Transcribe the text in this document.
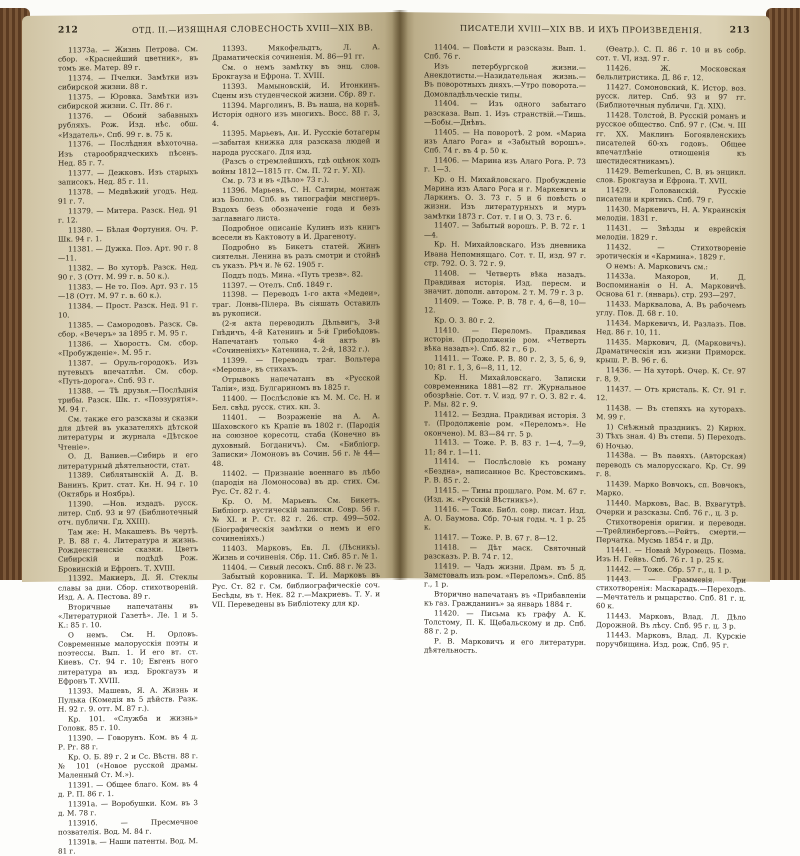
212	ОТД. II.—ИЗЯЩНАЯ СЛОВЕСНОСТЬ XVIII—XIX ВВ.

11373a. — Жизнь Петрова. См. сбор. «Краснейший цветник», въ томъ же. Матер. 89 г.

11374. — Пчелки. Замѣтки изъ сибирской жизни. 88 г.

11375. — Юровка. Замѣтки изъ сибирской жизни. С. Пт. 86 г.

11376. — Обоий забавныхъ рубляхъ. Рож. Изд. нѣс. обш. «Издатель». Спб. 99 г. в. 75 к.

11376. — Послѣдняя вѣхоточна. Изъ старообрядческихъ пѣсенъ. Нед. 85 г. 7.

11377. — Дежковъ. Изъ старыхъ записокъ. Нед. 85 г. 11.

11378. — Медвѣжий угодъ. Нед. 91 г. 7.

11379. — Митера. Разск. Нед. 91 г. 12.

11380. — Бѣлая Фортуния. Оч. Р. Шк. 94 г. 1.

11381. — Дужка. Поэ. Арт. 90 г. 8—11.

11382. — Во хуторѣ. Разск. Нед. 90 г. 3 (Отт. М. 99 г. в. 50 к.).

11383. — Не то. Поэ. Арт. 93 г. 15—18 (Отт. М. 97 г. в. 60 к.).

11384. — Прост. Разск. Нед. 91 г. 10.

11385. — Самородовъ. Разск. Св. сбор. «Вечеръ» за 1895 г. М. 95 г.

11386. — Хворостъ. См. сбор. «Пробужденіе». М. 95 г.

11387. — Оруль-городокъ. Изъ путевыхъ впечатлѣн. См. сбор. «Путь-дорога». Спб. 93 г.

11388. — Тѣ друзья.—Послѣднія трибы. Разск. Шк. г. «Поэзурятія». М. 94 г.

См. также его разсказы и сказки для дѣтей въ указателяхъ дѣтской литературы и журнала «Дѣтское Чтеніе».

О. Д. Ваниев.—Сибирь и его литературный дѣятельности, стат.

11389. Сиблятынскій А. Д. В. Ванинъ. Крит. стат. Кн. Н. 94 г. 10 (Октябрь и Ноябрь).

11390. —Нов. издадъ. русск. литер. Спб. 93 и 97 (Библиотечный отч. публичн. Гд. XXIII).

Там же: Н. Макашевъ. Въ чертѣ. Р. В. 88 г. 4. Литература и жизнь. Рожденственскіе сказки. Цветъ Сибирскій и подѣдѣ Рож. Бровинскій и Ефронъ. Т. XVIII.

11392. Макиеръ, Д. Я. Стеклы славы за дни. Сбор. стихотвореній. Изд. А. А. Пестова. 89 г.

Вторичные напечатаны въ «Литературной Газетѣ». Ле. 1 и 5. К.: 85 г. 10.

О немъ. См. Н. Орловъ. Современные малорусскія поэты и поэтессы. Вып. 1. И его вт. ст. Киевъ. Ст. 94 г. 10; Евгенъ ного литература въ изд. Брокгаузъ и Ефронъ Т. XVIII.

11393. Машевъ, Я. А. Жизнь и Пулька (Комедія въ 5 дѣйств. Разк. Н. 92 г. 9. отт. М. 87 г.).

Кр. 101. «Служба и жизнь» Головк. 85 г. 10.

11390. — Говорунъ. Ком. въ 4 д. Р. Рг. 88 г.

Кр. О. Б. 89 г. 2 и Сс. Вѣстн. 88 г. № 101 («Новое русской драмы. Маленный Ст. М.»).

11391. — Общее благо. Ком. въ 4 д. Р. П. 86 г. 1.

11391a. — Воробушки. Ком. въ 3 д. М. 78 г.

11391б. — Пресмечное позвателія. Вод. М. 84 г.

11391в. — Наши патенты. Вод. М. 81 г.

11393. Мякофельдтъ, Л. А. Драматическія сочиненія. М. 86—91 гг.

См. о немъ замѣтку въ энц. слов. Брокгауза и Ефрона. Т. XVIII.

11393. Мамыновскій, И. Итонкинъ. Сцены изъ студенческой жизни. Сбр. 89 г.

11394. Марголинъ, В. Въ наша, на корнѣ. Исторія одного изъ многихъ. Восс. 88 г. 3, 4.

11395. Марьевъ, Ан. И. Русскіе ботагеры—забытая книжка для разсказа людей и народа русскаго. Для изд.

(Разсъ о стремлейшихъ, гдѣ оцѣнок ходъ войны 1812—1815 гг. См. П. 72 г. У. XI).

См. р. 73 и въ «Дѣло» 73 г.).

11396. Марьевъ, С. Н. Сатиры, монтаж изъ Болло. Спб. въ типографіи мнсгиеръ. Вздохъ безъ обозначеніе года и безъ заглавнаго листа.

Подробное описаніе Кулинъ изъ книгъ всесели въ Кактовоту в И. Драгеноту.

Подробно въ Бикетъ статей. Жинъ сиятельн. Ленина въ разъ смотри и стойнѣ съ указъ. Рѣч и. № 62. 1905 г.

Поддъ подъ. Мина. «Путь трезв». 82.

11397. — Отелъ. Спб. 1849 г.

11398. — Переводъ 1-го акта «Медеи», траг. Лонвь-Пілера. Въ сіяшать Оставилъ въ рукописи.

(2-я акта переводилъ Дѣльвигъ, 3-й Гнѣдичъ, 4-й Катенинъ и 5-й Грибоѣдовъ. Напечатанъ только 4-й актъ въ «Сочиненіяхъ» Катенина, т. 2-й, 1832 г.).

11399. — Переводъ траг. Вольтера «Меропа», въ стихахъ.

Отрывокъ напечатанъ въ «Русской Таліи», изд. Булгариномъ въ 1825 г.

11400. — Послѣсловіе къ М. М. Сс. Н. и Бел. свѣд. русск. стих. кн. 3.

11401. — Возраженіе на А. А. Шаховского къ Крапіе въ 1802 г. (Пародія на союзное коресотц. стаба (Конечно въ духовный. Богданичъ). См. «Библіогр. Записки» Ломоновъ въ Сочин. 56 г. № 44—48.

11402. — Признаніе военнаго въ лѣбо (пародія на Ломоносова) въ др. стих. См. Рус. Ст. 82 г. 4.

Кр. О. М. Марьевъ. См. Бикетъ. Библіогр. аустическій записки. Совр. 56 г. № XI. и Р. Ст. 82 г. 26. стр. 499—502. (Біографическія замѣтки о немъ и его сочиненіяхъ.)

11403. Марковъ, Ев. Л. (Лѣсникъ). Жизнь и сочиненія. Сбр. 11. Сиб. 85 г. № 1.

11404. — Сивый лесокъ. Спб. 88 г. № 23.

Забытый коровника. Т. И. Марковъ въ Рус. Ст. 82 г. См. библиографическіе соч. Бесѣды, въ т. Нек. 82 г.—Макриевъ. Т. У. и VII. Переведены въ Библіотеку для кр.

ПИСАТЕЛИ XVIII—XIX ВВ. И ИХЪ ПРОИЗВЕДЕНІЯ.	213

11404. — Повѣсти и разсказы. Вып. 1. Спб. 76 г.

Изъ петербургской жизни.—Анекдотисты.—Назидательная жизнь.—Въ поворотныхъ дняхъ.—Утро поворота.—Домовладѣльческіе типы.

11404. — Изъ одного забытаго разсказа. Вып. 1. Изъ странствій.—Тишь.—Бобы.—Днѣвъ.

11405. — На поворотѣ. 2 ром. «Мариа изъ Алаго Рога» и «Забытый ворошъ». Спб. 74 г. въ 4 р. 50 к.

11406. — Марина изъ Алаго Рога. Р. 73 г. 1—3.

Кр. о Н. Михайловскаго. Пробужденіе Марина изъ Алаго Рога и г. Маркевичъ и Ларкинъ. О. 3. 73 г. 5 и 6 повѣсть о жизни. Изъ литературныхъ и муръ замѣтки 1873 г. Сот. т. I и О. З. 73 г. 6.

11407. — Забытый ворошъ. Р. В. 72 г. 1—4.

Кр. Н. Михайловскаго. Изъ дневника Ивана Непомнящаго. Сот. т. II, изд. 97 г. стр. 792. О. З. 72 г. 9.

11408. — Четверть вѣка назадъ. Правдивая исторія. Изд. пересм. и значит. дополн. автором. 2 т. М. 79 г. 3 р.

11409. — Тоже. Р. В. 78 г. 4, 6—8, 10—12.

Кр. О. 3. 80 г. 2.

11410. — Переломъ. Правдивая исторія. (Продолженіе ром. «Четверть вѣка назадъ»). Спб. 82 г., 6 р.

11411. — Тоже. Р. В. 80 г. 2, 3, 5, 6, 9, 10; 81 г. 1, 3, 6—8, 11, 12.

Кр. Н. Михайловскаго. Записки современника 1881—82 гг. Журнальное обозрѣніе. Сот. т. V. изд. 97 г. О. З. 82 г. 4. Р. Мы. 82 г. 9.

11412. — Бездна. Правдивая исторія. 3 т. (Продолженіе ром. «Переломъ». Не окончено). М. 83—84 гг. 5 р.

11413. — Тоже. Р. В. 83 г. 1—4, 7—9, 11; 84 г. 1—11.

11414. — Послѣсловіе къ роману «Бездна», написанное Вс. Крестовскимъ. Р. В. 85 г. 2.

11415. — Тины прошлаго. Ром. М. 67 г. (Изд. ж. «Русскій Вѣстникъ»).

11416. — Тоже. Библ. совр. писат. Изд. А. О. Баумова. Сбр. 70-ыя годы. ч. 1 р. 25 к.

11417. — Тоже. Р. В. 67 г. 8—12.

11418. — Дѣт маск. Святочный разсказъ. Р. В. 74 г. 12.

11419. — Чадъ жизни. Драм. въ 5 д. Замстовалъ изъ ром. «Переломъ». Спб. 85 г., 1 р.

Вторично напечатанъ въ «Прибавленіи къ газ. Гражданинъ» за январь 1884 г.

11420. — Письма къ графу А. К. Толстому, П. К. Щебальскому и др. Спб. 88 г. 2 р.

Р. В. Марковичъ и его литературн. дѣятельность.

(Ѳеатр.). С. П. 86 г. 10 и въ собр. сот. т. VI, изд. 97 г.

11426. Ж. Московская бельлитристика. Д. 86 г. 12.

11427. Сомоновский, К. Истор. воз. русск. литер. Спб. 93 и 97 гг. (Библиотечныя публичн. Гд. XIX).

11428. Толстой, В. Русскій романъ и русское общество. Спб. 97 г. (См. ч. III гг. XX. Маклинъ Богоявленскихъ писателей 60-хъ годовъ. Общее впечатлѣніе отношенія къ шестидесятникамъ).

11429. Bemerkunen, С. В. въ энцикл. слов. Брокгауза и Ефрона. Т. XVII.

11429. Голованскій. Русскіе писатели и критикъ. Спб. 79 г.

11430. Маркевичъ, Н. А. Украинскія мелодіи. 1831 г.

11431. — Звѣзды и еврейскія мелодіи. 1829 г.

11432. — Стихотвореніе эротическія и «Кармина». 1829 г.

О немъ: А. Марковичъ см.:

11433a. Маяоров, И. Д. Воспоминанія о Н. А. Марковичѣ. Основа 61 г. (январь). стр. 293—297.

11433. Марквалова, А. Въ рабочемъ углу. Пов. Д. 68 г. 10.

11434. Маркевичъ, И. Разлазъ. Пов. Нед. 86 г. 10, 11.

11435. Маркович, Д. (Марковичъ). Драматическія изъ жизни Приморск. крыш. Р. В. 96 г. 6.

11436. — На хуторѣ. Очер. К. Ст. 97 г. 8, 9.

11437. — Отъ кристаль. К. Ст. 91 г. 12.

11438. — Въ степяхъ на хуторахъ. М. 99 г.

1) Снѣжный праздникъ. 2) Кирюх. 3) Тѣхъ зная. 4) Въ степи. 5) Переходъ. 6) Ночью.

11438a. — Въ паѳяхъ. (Авторская) переводъ съ малорусскаго. Кр. Ст. 99 г. 8.

11439. Марко Вовчокъ, сп. Вовчокъ, Марко.

11440. Марковъ, Вас. В. Вхвагутрѣ. Очерки и разсказы. Спб. 76 г., ц. 3 р.

Стихотворенія оригин. и переводн.—Трейлинберговъ.—Рейтъ. смерти.—Перчатка. Мусмь 1854 г. и Др.

11441. — Новый Муромецъ. Поэма. Изъ Н. Гейвъ. Спб. 76 г. 1 р. 25 к.

11442. — Тоже. Сбр. 57 г., ц. 1 р.

11443. — Граммевія. Три стихотворенія: Маскарадъ.—Переходъ.—Мечтатель и рыцарство. Спб. 81 г. ц. 60 к.

11443. Марковъ, Влад. Л. Дѣло Дорожной. Въ лѣсу. Спб. 95 г. ц. 3 р.

11443. Марковъ, Влад. Л. Курскіе поручбищина. Изд. рож. Спб. 95 г.
